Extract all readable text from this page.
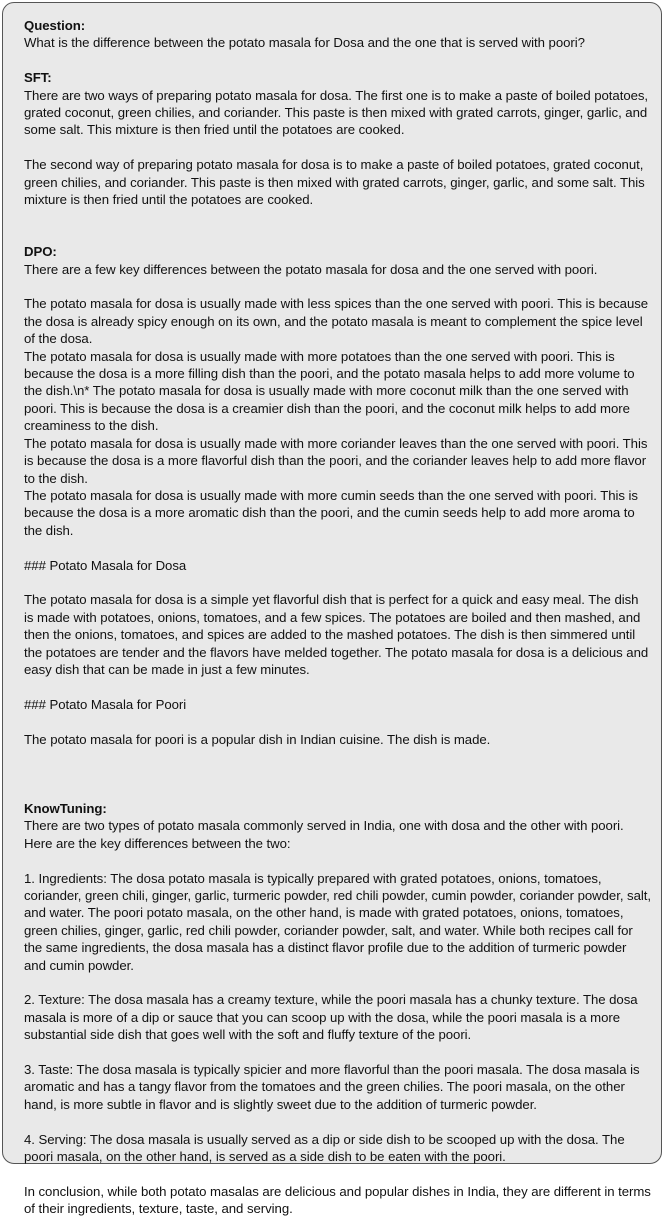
Question:

What is the difference between the potato masala for Dosa and the one that is served with poori?

SFT:

There are two ways of preparing potato masala for dosa. The first one is to make a paste of boiled potatoes, grated coconut, green chilies, and coriander. This paste is then mixed with grated carrots, ginger, garlic, and some salt. This mixture is then fried until the potatoes are cooked.

The second way of preparing potato masala for dosa is to make a paste of boiled potatoes, grated coconut, green chilies, and coriander. This paste is then mixed with grated carrots, ginger, garlic, and some salt. This mixture is then fried until the potatoes are cooked.

DPO:

There are a few key differences between the potato masala for dosa and the one served with poori.

The potato masala for dosa is usually made with less spices than the one served with poori. This is because the dosa is already spicy enough on its own, and the potato masala is meant to complement the spice level of the dosa.

The potato masala for dosa is usually made with more potatoes than the one served with poori. This is because the dosa is a more filling dish than the poori, and the potato masala helps to add more volume to the dish.\n* The potato masala for dosa is usually made with more coconut milk than the one served with poori. This is because the dosa is a creamier dish than the poori, and the coconut milk helps to add more creaminess to the dish.

The potato masala for dosa is usually made with more coriander leaves than the one served with poori. This is because the dosa is a more flavorful dish than the poori, and the coriander leaves help to add more flavor to the dish.

The potato masala for dosa is usually made with more cumin seeds than the one served with poori. This is because the dosa is a more aromatic dish than the poori, and the cumin seeds help to add more aroma to the dish.

### Potato Masala for Dosa

The potato masala for dosa is a simple yet flavorful dish that is perfect for a quick and easy meal. The dish is made with potatoes, onions, tomatoes, and a few spices. The potatoes are boiled and then mashed, and then the onions, tomatoes, and spices are added to the mashed potatoes. The dish is then simmered until the potatoes are tender and the flavors have melded together. The potato masala for dosa is a delicious and easy dish that can be made in just a few minutes.

### Potato Masala for Poori

The potato masala for poori is a popular dish in Indian cuisine. The dish is made.

KnowTuning:

There are two types of potato masala commonly served in India, one with dosa and the other with poori. Here are the key differences between the two:

1. Ingredients: The dosa potato masala is typically prepared with grated potatoes, onions, tomatoes, coriander, green chili, ginger, garlic, turmeric powder, red chili powder, cumin powder, coriander powder, salt, and water. The poori potato masala, on the other hand, is made with grated potatoes, onions, tomatoes, green chilies, ginger, garlic, red chili powder, coriander powder, salt, and water. While both recipes call for the same ingredients, the dosa masala has a distinct flavor profile due to the addition of turmeric powder and cumin powder.

2. Texture: The dosa masala has a creamy texture, while the poori masala has a chunky texture. The dosa masala is more of a dip or sauce that you can scoop up with the dosa, while the poori masala is a more substantial side dish that goes well with the soft and fluffy texture of the poori.

3. Taste: The dosa masala is typically spicier and more flavorful than the poori masala. The dosa masala is aromatic and has a tangy flavor from the tomatoes and the green chilies. The poori masala, on the other hand, is more subtle in flavor and is slightly sweet due to the addition of turmeric powder.

4. Serving: The dosa masala is usually served as a dip or side dish to be scooped up with the dosa. The poori masala, on the other hand, is served as a side dish to be eaten with the poori.

In conclusion, while both potato masalas are delicious and popular dishes in India, they are different in terms of their ingredients, texture, taste, and serving.
